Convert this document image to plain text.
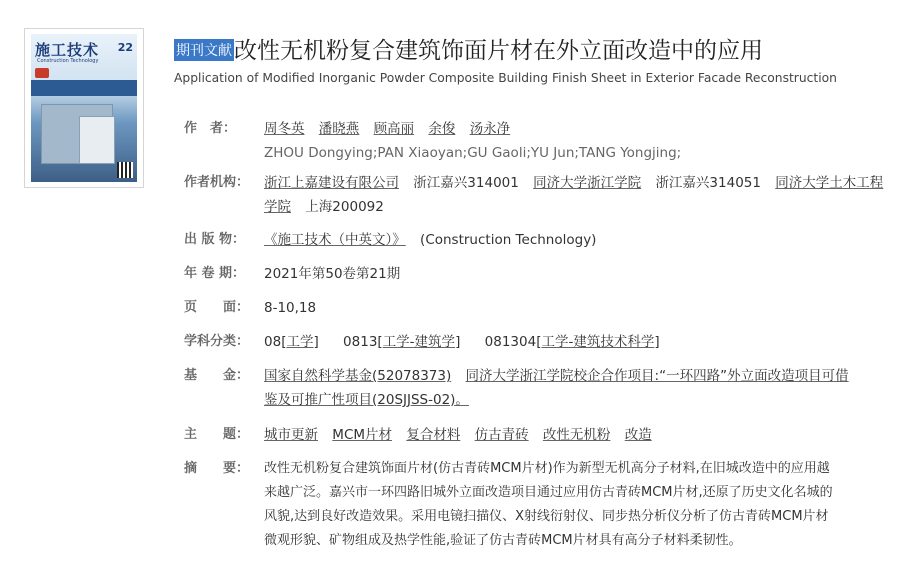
施工技术 22
Construction Technology
期刊文献改性无机粉复合建筑饰面片材在外立面改造中的应用
Application of Modified Inorganic Powder Composite Building Finish Sheet in Exterior Facade Reconstruction
作　者：	周冬英 潘晓燕 顾高丽 余俊 汤永净
ZHOU Dongying;PAN Xiaoyan;GU Gaoli;YU Jun;TANG Yongjing;
作者机构：	浙江上嘉建设有限公司 浙江嘉兴314001 同济大学浙江学院 浙江嘉兴314051 同济大学土木工程
学院 上海200092
出 版 物：	《施工技术（中英文）》 (Construction Technology)
年 卷 期：	2021年第50卷第21期
页　　面：	8-10,18
学科分类：	08[工学] 0813[工学-建筑学] 081304[工学-建筑技术科学]
基　　金：	国家自然科学基金(52078373) 同济大学浙江学院校企合作项目:“一环四路”外立面改造项目可借
鉴及可推广性项目(20SJJSS-02)。
主　　题：	城市更新 MCM片材 复合材料 仿古青砖 改性无机粉 改造
摘　　要：	改性无机粉复合建筑饰面片材(仿古青砖MCM片材)作为新型无机高分子材料,在旧城改造中的应用越
来越广泛。嘉兴市一环四路旧城外立面改造项目通过应用仿古青砖MCM片材,还原了历史文化名城的
风貌,达到良好改造效果。采用电镜扫描仪、X射线衍射仪、同步热分析仪分析了仿古青砖MCM片材
微观形貌、矿物组成及热学性能,验证了仿古青砖MCM片材具有高分子材料柔韧性。
